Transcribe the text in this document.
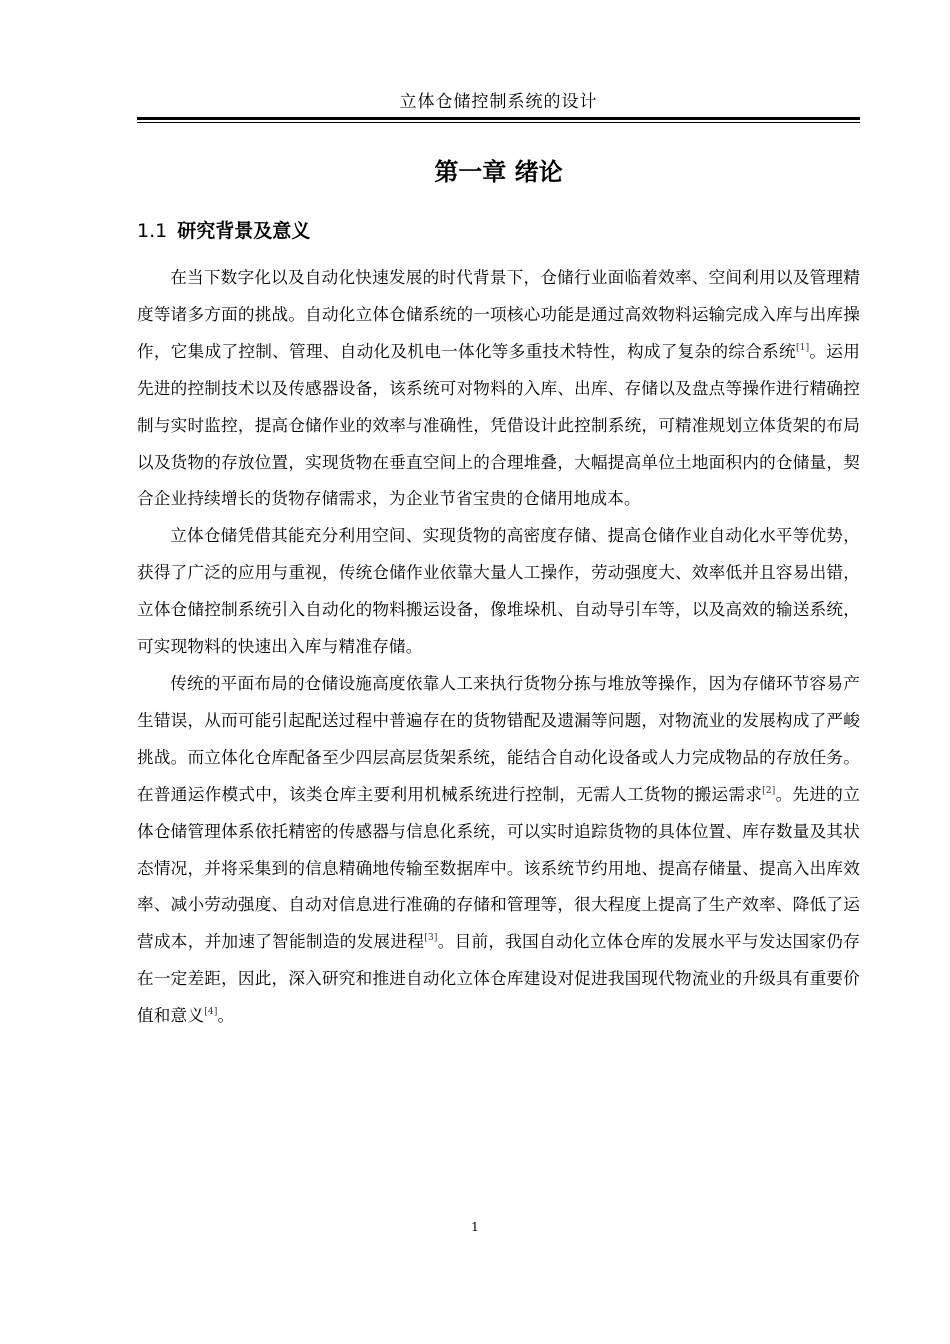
立体仓储控制系统的设计
第一章 绪论
1.1 研究背景及意义

在当下数字化以及自动化快速发展的时代背景下，仓储行业面临着效率、空间利用以及管理精度等诸多方面的挑战。自动化立体仓储系统的一项核心功能是通过高效物料运输完成入库与出库操作，它集成了控制、管理、自动化及机电一体化等多重技术特性，构成了复杂的综合系统[1]。运用先进的控制技术以及传感器设备，该系统可对物料的入库、出库、存储以及盘点等操作进行精确控制与实时监控，提高仓储作业的效率与准确性，凭借设计此控制系统，可精准规划立体货架的布局以及货物的存放位置，实现货物在垂直空间上的合理堆叠，大幅提高单位土地面积内的仓储量，契合企业持续增长的货物存储需求，为企业节省宝贵的仓储用地成本。

立体仓储凭借其能充分利用空间、实现货物的高密度存储、提高仓储作业自动化水平等优势，获得了广泛的应用与重视，传统仓储作业依靠大量人工操作，劳动强度大、效率低并且容易出错，立体仓储控制系统引入自动化的物料搬运设备，像堆垛机、自动导引车等，以及高效的输送系统，可实现物料的快速出入库与精准存储。

传统的平面布局的仓储设施高度依靠人工来执行货物分拣与堆放等操作，因为存储环节容易产生错误，从而可能引起配送过程中普遍存在的货物错配及遗漏等问题，对物流业的发展构成了严峻挑战。而立体化仓库配备至少四层高层货架系统，能结合自动化设备或人力完成物品的存放任务。在普通运作模式中，该类仓库主要利用机械系统进行控制，无需人工货物的搬运需求[2]。先进的立体仓储管理体系依托精密的传感器与信息化系统，可以实时追踪货物的具体位置、库存数量及其状态情况，并将采集到的信息精确地传输至数据库中。该系统节约用地、提高存储量、提高入出库效率、减小劳动强度、自动对信息进行准确的存储和管理等，很大程度上提高了生产效率、降低了运营成本，并加速了智能制造的发展进程[3]。目前，我国自动化立体仓库的发展水平与发达国家仍存在一定差距，因此，深入研究和推进自动化立体仓库建设对促进我国现代物流业的升级具有重要价值和意义[4]。

1
